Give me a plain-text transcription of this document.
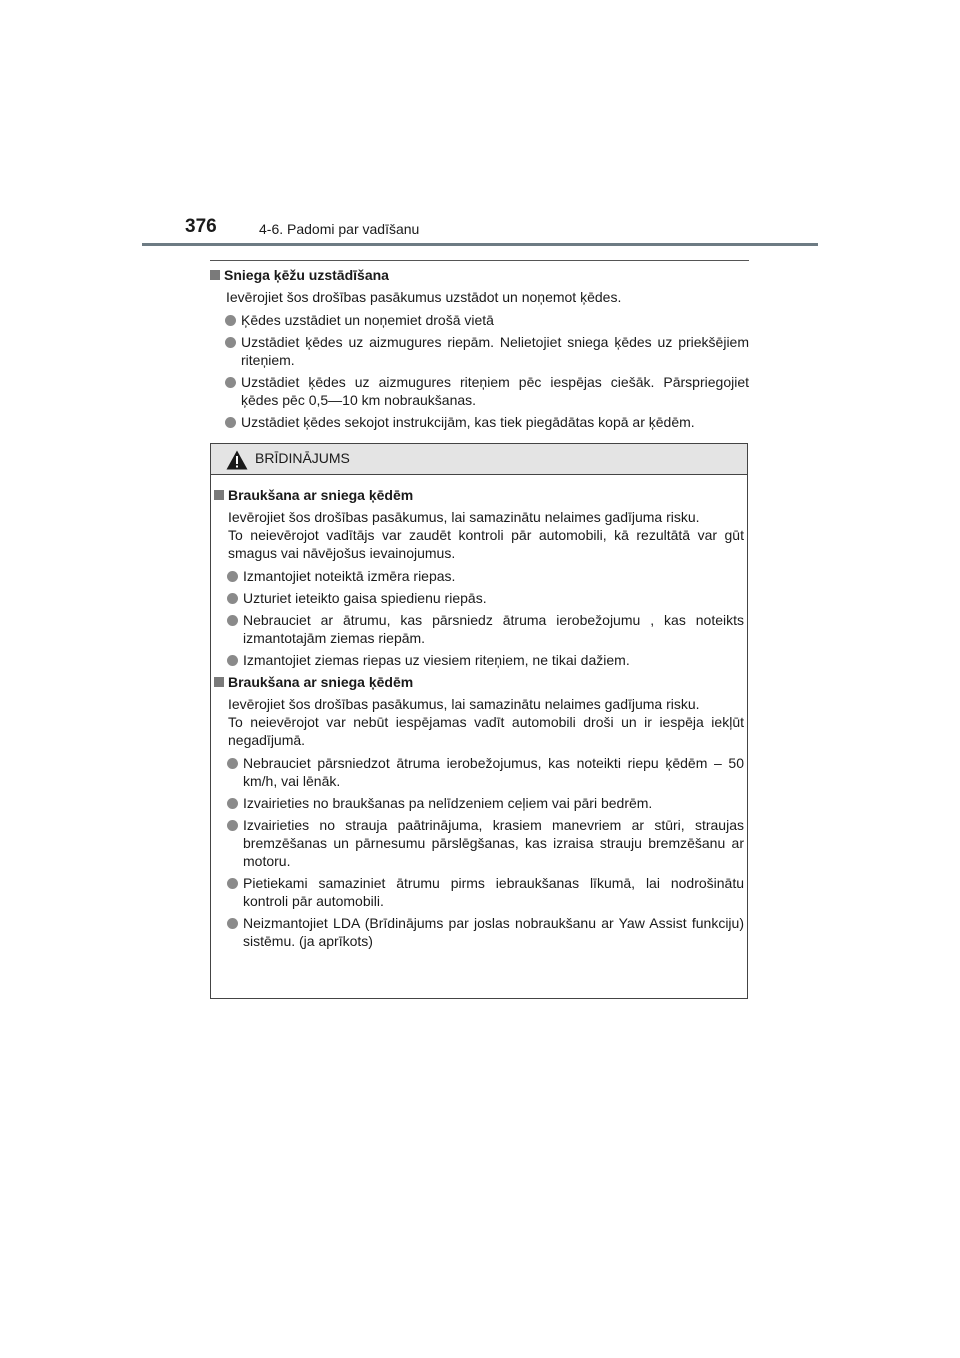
376	4-6. Padomi par vadīšanu
Sniega ķēžu uzstādīšana
Ievērojiet šos drošības pasākumus uzstādot un noņemot ķēdes.
Ķēdes uzstādiet un noņemiet drošā vietā
Uzstādiet ķēdes uz aizmugures riepām. Nelietojiet sniega ķēdes uz priekšējiem riteņiem.
Uzstādiet ķēdes uz aizmugures riteņiem pēc iespējas ciešāk. Pārspriegojiet ķēdes pēc 0,5—10 km nobraukšanas.
Uzstādiet ķēdes sekojot instrukcijām, kas tiek piegādātas kopā ar ķēdēm.
BRĪDINĀJUMS
Braukšana ar sniega ķēdēm
Ievērojiet šos drošības pasākumus, lai samazinātu nelaimes gadījuma risku.
To neievērojot vadītājs var zaudēt kontroli pār automobili, kā rezultātā var gūt smagus vai nāvējošus ievainojumus.
Izmantojiet noteiktā izmēra riepas.
Uzturiet ieteikto gaisa spiedienu riepās.
Nebrauciet ar ātrumu, kas pārsniedz ātruma ierobežojumu , kas noteikts izmantotajām ziemas riepām.
Izmantojiet ziemas riepas uz viesiem riteņiem, ne tikai dažiem.
Braukšana ar sniega ķēdēm
Ievērojiet šos drošības pasākumus, lai samazinātu nelaimes gadījuma risku.
To neievērojot var nebūt iespējamas vadīt automobili droši un ir iespēja iekļūt negadījumā.
Nebrauciet pārsniedzot ātruma ierobežojumus, kas noteikti riepu ķēdēm – 50 km/h, vai lēnāk.
Izvairieties no braukšanas pa nelīdzeniem ceļiem vai pāri bedrēm.
Izvairieties no strauja paātrinājuma, krasiem manevriem ar stūri, straujas bremzēšanas un pārnesumu pārslēgšanas, kas izraisa strauju bremzēšanu ar motoru.
Pietiekami samaziniet ātrumu pirms iebraukšanas līkumā, lai nodrošinātu kontroli pār automobili.
Neizmantojiet LDA (Brīdinājums par joslas nobraukšanu ar Yaw Assist funkciju) sistēmu. (ja aprīkots)
